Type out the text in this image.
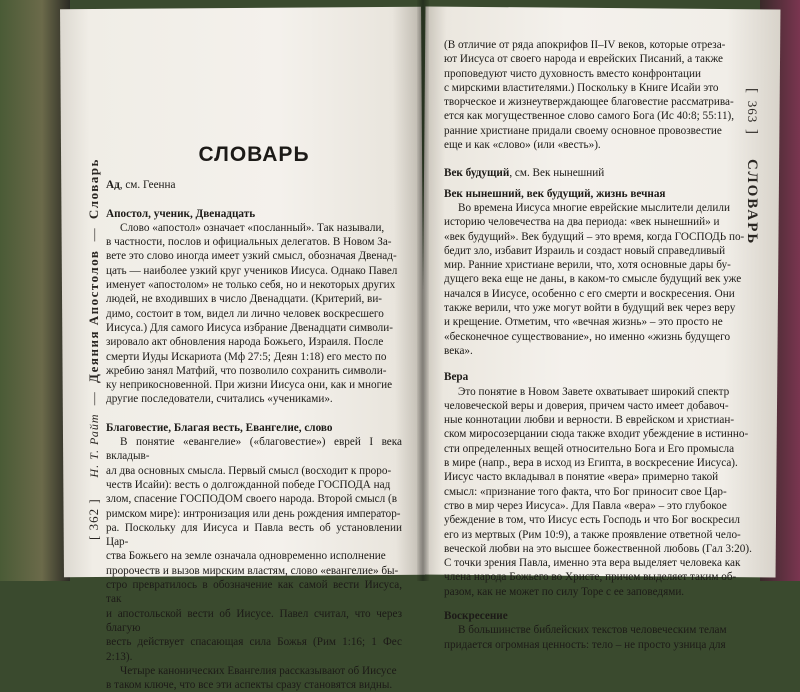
[ 362 ]   Н. Т. Райт — Деяния Апостолов — Словарь
[ 363 ]    СЛОВАРЬ
СЛОВАРЬ
Ад, см. Геенна
Апостол, ученик, Двенадцать

Слово «апостол» означает «посланный». Так называли,

в частности, послов и официальных делегатов. В Новом За-

вете это слово иногда имеет узкий смысл, обозначая Двенад-

цать — наиболее узкий круг учеников Иисуса. Однако Павел

именует «апостолом» не только себя, но и некоторых других

людей, не входивших в число Двенадцати. (Критерий, ви-

димо, состоит в том, видел ли лично человек воскресшего

Иисуса.) Для самого Иисуса избрание Двенадцати символи-

зировало акт обновления народа Божьего, Израиля. После

смерти Иуды Искариота (Мф 27:5; Деян 1:18) его место по

жребию занял Матфий, что позволило сохранить символи-

ку неприкосновенной. При жизни Иисуса они, как и многие

другие последователи, считались «учениками».

Благовестие, Благая весть, Евангелие, слово

В понятие «евангелие» («благовестие») еврей I века вкладыв-

ал два основных смысла. Первый смысл (восходит к проро-

честв Исайи): весть о долгожданной победе ГОСПОДА над

злом, спасение ГОСПОДОМ своего народа. Второй смысл (в

римском мире): интронизация или день рождения император-

ра. Поскольку для Иисуса и Павла весть об установлении Цар-

ства Божьего на земле означала одновременно исполнение

пророчеств и вызов мирским властям, слово «евангелие» бы-

стро превратилось в обозначение как самой вести Иисуса, так

и апостольской вести об Иисусе. Павел считал, что через благую

весть действует спасающая сила Божья (Рим 1:16; 1 Фес 2:13).

Четыре канонических Евангелия рассказывают об Иисусе

в таком ключе, что все эти аспекты сразу становятся видны.

(В отличие от ряда апокрифов II–IV веков, которые отреза-

ют Иисуса от своего народа и еврейских Писаний, а также

проповедуют чисто духовность вместо конфронтации

с мирскими властителями.) Поскольку в Книге Исайи это

творческое и жизнеутверждающее благовестие рассматрива-

ется как могущественное слово самого Бога (Ис 40:8; 55:11),

ранние христиане придали своему основное провозвестие

еще и как «слово» (или «весть»).

Век будущий, см. Век нынешний
Век нынешний, век будущий, жизнь вечная

Во времена Иисуса многие еврейские мыслители делили

историю человечества на два периода: «век нынешний» и

«век будущий». Век будущий – это время, когда ГОСПОДЬ по-

бедит зло, избавит Израиль и создаст новый справедливый

мир. Ранние христиане верили, что, хотя основные дары бу-

дущего века еще не даны, в каком-то смысле будущий век уже

начался в Иисусе, особенно с его смерти и воскресения. Они

также верили, что уже могут войти в будущий век через веру

и крещение. Отметим, что «вечная жизнь» – это просто не

«бесконечное существование», но именно «жизнь будущего

века».

Вера

Это понятие в Новом Завете охватывает широкий спектр

человеческой веры и доверия, причем часто имеет добавоч-

ные коннотации любви и верности. В еврейском и христиан-

ском миросозерцании сюда также входит убеждение в истинно-

сти определенных вещей относительно Бога и Его промысла

в мире (напр., вера в исход из Египта, в воскресение Иисуса).

Иисус часто вкладывал в понятие «вера» примерно такой

смысл: «признание того факта, что Бог приносит свое Цар-

ство в мир через Иисуса». Для Павла «вера» – это глубокое

убеждение в том, что Иисус есть Господь и что Бог воскресил

его из мертвых (Рим 10:9), а также проявление ответной чело-

веческой любви на это высшее божественной любовь (Гал 3:20).

С точки зрения Павла, именно эта вера выделяет человека как

члена народа Божьего во Христе, причем выделяет таким об-

разом, как не может по силу Торе с ее заповедями.

Воскресение

В большинстве библейских текстов человеческим телам

придается огромная ценность: тело – не просто узница для
